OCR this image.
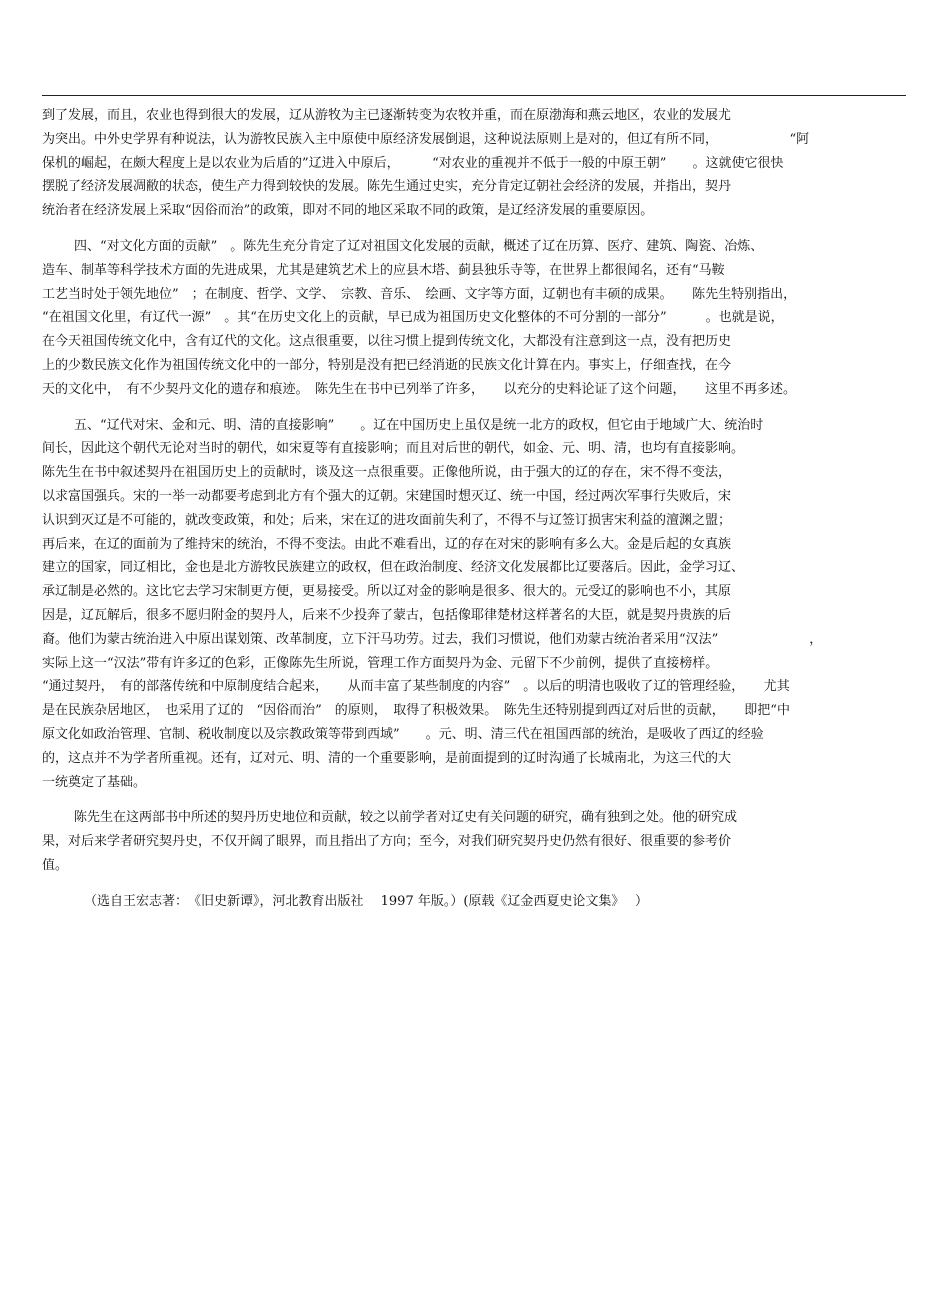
到了发展，而且，农业也得到很大的发展，辽从游牧为主已逐渐转变为农牧并重，而在原渤海和燕云地区，农业的发展尤
为突出。中外史学界有种说法，认为游牧民族入主中原使中原经济发展倒退，这种说法原则上是对的，但辽有所不同，　　　　　　“阿
保机的崛起，在颇大程度上是以农业为后盾的”辽进入中原后，　　　“对农业的重视并不低于一般的中原王朝”　　。这就使它很快
摆脱了经济发展凋敝的状态，使生产力得到较快的发展。陈先生通过史实，充分肯定辽朝社会经济的发展，并指出，契丹
统治者在经济发展上采取“因俗而治”的政策，即对不同的地区采取不同的政策，是辽经济发展的重要原因。
四、“对文化方面的贡献”　。陈先生充分肯定了辽对祖国文化发展的贡献，概述了辽在历算、医疗、建筑、陶瓷、冶炼、
造车、制革等科学技术方面的先进成果，尤其是建筑艺术上的应县木塔、蓟县独乐寺等，在世界上都很闻名，还有“马鞍
工艺当时处于领先地位”　；在制度、哲学、文学、　宗教、音乐、　绘画、文字等方面，辽朝也有丰硕的成果。　　陈先生特别指出，
“在祖国文化里，有辽代一源”　。其“在历史文化上的贡献，早已成为祖国历史文化整体的不可分割的一部分”　　　。也就是说，
在今天祖国传统文化中，含有辽代的文化。这点很重要，以往习惯上提到传统文化，大都没有注意到这一点，没有把历史
上的少数民族文化作为祖国传统文化中的一部分，特别是没有把已经消逝的民族文化计算在内。事实上，仔细查找，在今
天的文化中，　有不少契丹文化的遗存和痕迹。　陈先生在书中已列举了许多，　　以充分的史料论证了这个问题，　　这里不再多述。
五、“辽代对宋、金和元、明、清的直接影响”　　。辽在中国历史上虽仅是统一北方的政权，但它由于地域广大、统治时
间长，因此这个朝代无论对当时的朝代，如宋夏等有直接影响；而且对后世的朝代，如金、元、明、清，也均有直接影响。
陈先生在书中叙述契丹在祖国历史上的贡献时，谈及这一点很重要。正像他所说，由于强大的辽的存在，宋不得不变法，
以求富国强兵。宋的一举一动都要考虑到北方有个强大的辽朝。宋建国时想灭辽、统一中国，经过两次军事行失败后，宋
认识到灭辽是不可能的，就改变政策，和处；后来，宋在辽的进攻面前失利了，不得不与辽签订损害宋利益的澶渊之盟；
再后来，在辽的面前为了维持宋的统治，不得不变法。由此不难看出，辽的存在对宋的影响有多么大。金是后起的女真族
建立的国家，同辽相比，金也是北方游牧民族建立的政权，但在政治制度、经济文化发展都比辽要落后。因此，金学习辽、
承辽制是必然的。这比它去学习宋制更方便，更易接受。所以辽对金的影响是很多、很大的。元受辽的影响也不小，其原
因是，辽瓦解后，很多不愿归附金的契丹人，后来不少投奔了蒙古，包括像耶律楚材这样著名的大臣，就是契丹贵族的后
裔。他们为蒙古统治进入中原出谋划策、改革制度，立下汗马功劳。过去，我们习惯说，他们劝蒙古统治者采用“汉法”　　　　　　　，
实际上这一“汉法”带有许多辽的色彩，正像陈先生所说，管理工作方面契丹为金、元留下不少前例，提供了直接榜样。
“通过契丹，　有的部落传统和中原制度结合起来，　　从而丰富了某些制度的内容”　。以后的明清也吸收了辽的管理经验，　　尤其
是在民族杂居地区，　也采用了辽的　“因俗而治”　的原则，　取得了积极效果。　陈先生还特别提到西辽对后世的贡献，　　即把“中
原文化如政治管理、官制、税收制度以及宗教政策等带到西域”　　。元、明、清三代在祖国西部的统治，是吸收了西辽的经验
的，这点并不为学者所重视。还有，辽对元、明、清的一个重要影响，是前面提到的辽时沟通了长城南北，为这三代的大
一统奠定了基础。
陈先生在这两部书中所述的契丹历史地位和贡献，较之以前学者对辽史有关问题的研究，确有独到之处。他的研究成
果，对后来学者研究契丹史，不仅开阔了眼界，而且指出了方向；至今，对我们研究契丹史仍然有很好、很重要的参考价
值。
（选自王宏志著：　《旧史新谭》，河北教育出版社　 1997 年版。）(原载《辽金西夏史论文集》　 ）
